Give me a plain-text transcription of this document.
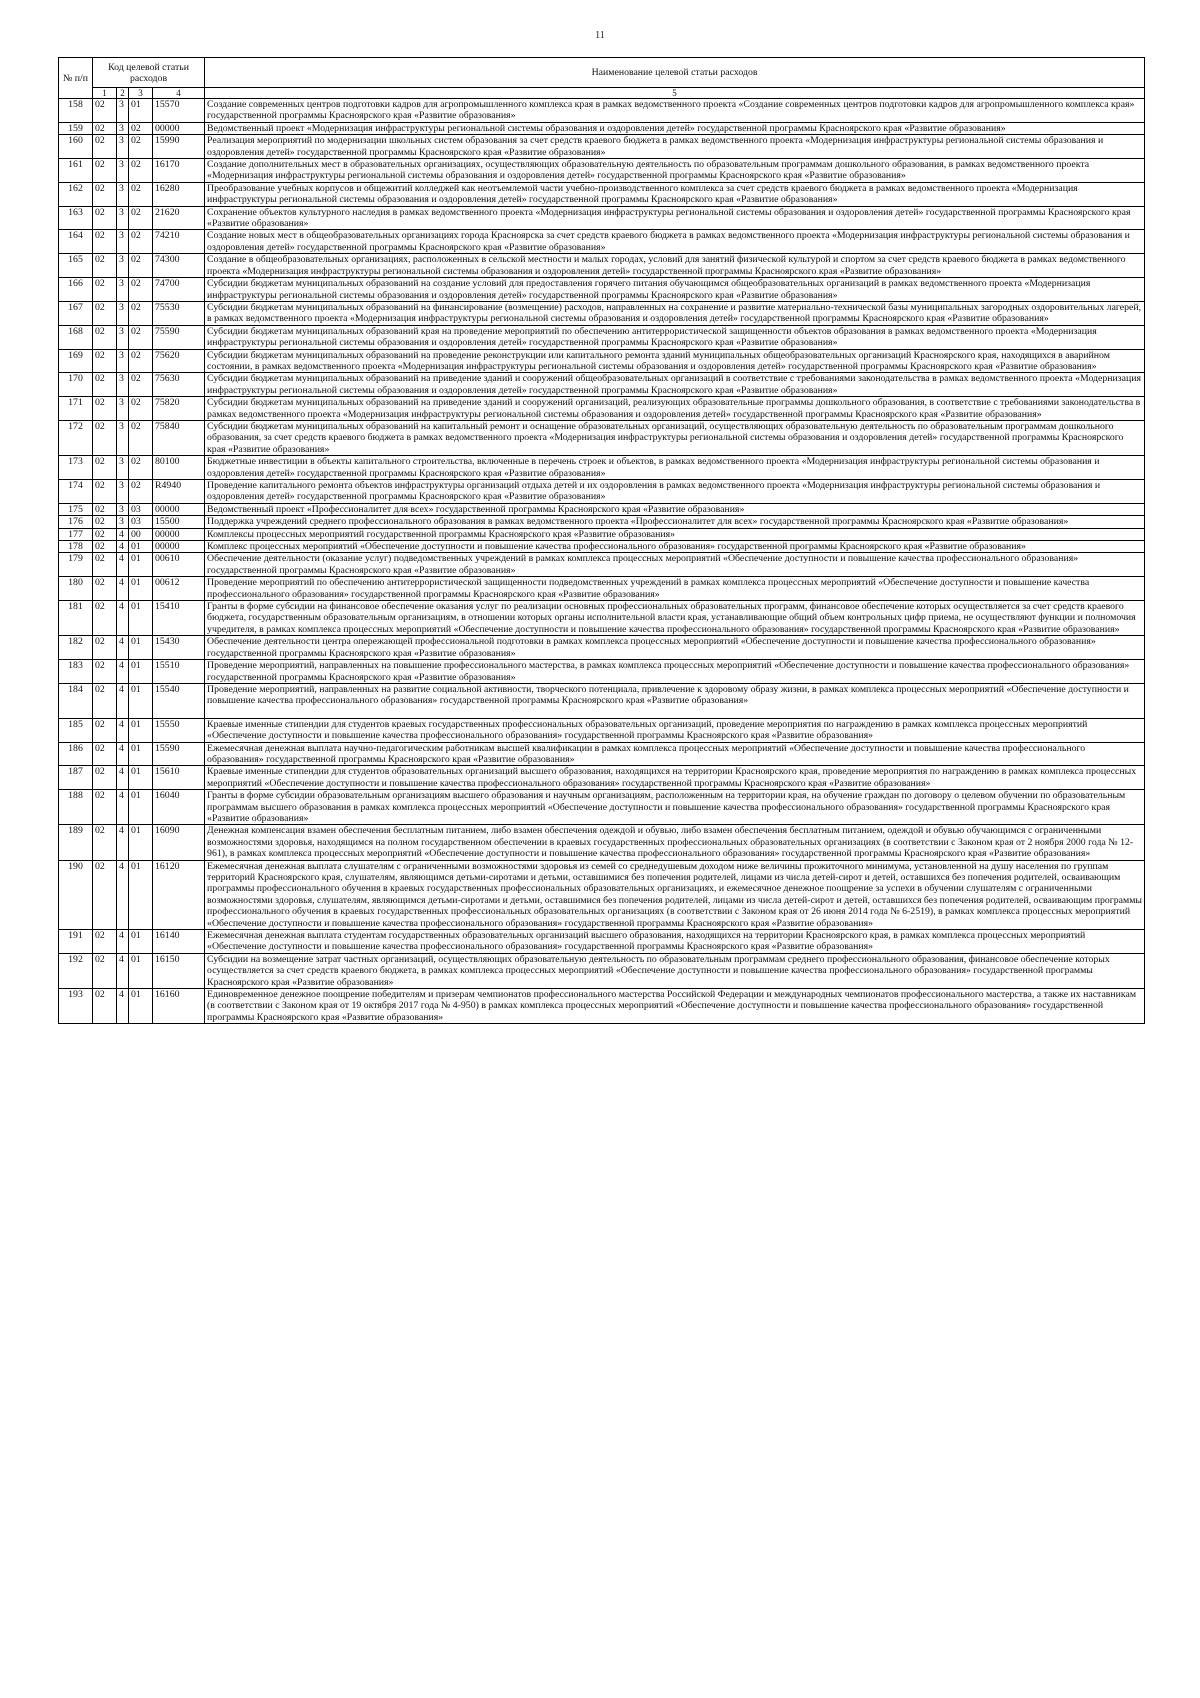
11
№ п/п	Код целевой статьи расходов				Наименование целевой статьи расходов
	1	2	3	4	5
158	02	3	01	15570	Создание современных центров подготовки кадров для агропромышленного комплекса края в рамках ведомственного проекта «Создание современных центров подготовки кадров для агропромышленного комплекса края» государственной программы Красноярского края «Развитие образования»
159	02	3	02	00000	Ведомственный проект «Модернизация инфраструктуры региональной системы образования и оздоровления детей» государственной программы Красноярского края «Развитие образования»
160	02	3	02	15990	Реализация мероприятий по модернизации школьных систем образования за счет средств краевого бюджета в рамках ведомственного проекта «Модернизация инфраструктуры региональной системы образования и оздоровления детей» государственной программы Красноярского края «Развитие образования»
161	02	3	02	16170	Создание дополнительных мест в образовательных организациях, осуществляющих образовательную деятельность по образовательным программам дошкольного образования, в рамках ведомственного проекта «Модернизация инфраструктуры региональной системы образования и оздоровления детей» государственной программы Красноярского края «Развитие образования»
162	02	3	02	16280	Преобразование учебных корпусов и общежитий колледжей как неотъемлемой части учебно-производственного комплекса за счет средств краевого бюджета в рамках ведомственного проекта «Модернизация инфраструктуры региональной системы образования и оздоровления детей» государственной программы Красноярского края «Развитие образования»
163	02	3	02	21620	Сохранение объектов культурного наследия в рамках ведомственного проекта «Модернизация инфраструктуры региональной системы образования и оздоровления детей» государственной программы Красноярского края «Развитие образования»
164	02	3	02	74210	Создание новых мест в общеобразовательных организациях города Красноярска за счет средств краевого бюджета в рамках ведомственного проекта «Модернизация инфраструктуры региональной системы образования и оздоровления детей» государственной программы Красноярского края «Развитие образования»
165	02	3	02	74300	Создание в общеобразовательных организациях, расположенных в сельской местности и малых городах, условий для занятий физической культурой и спортом за счет средств краевого бюджета в рамках ведомственного проекта «Модернизация инфраструктуры региональной системы образования и оздоровления детей» государственной программы Красноярского края «Развитие образования»
166	02	3	02	74700	Субсидии бюджетам муниципальных образований на создание условий для предоставления горячего питания обучающимся общеобразовательных организаций в рамках ведомственного проекта «Модернизация инфраструктуры региональной системы образования и оздоровления детей» государственной программы Красноярского края «Развитие образования»
167	02	3	02	75530	Субсидии бюджетам муниципальных образований на финансирование (возмещение) расходов, направленных на сохранение и развитие материально-технической базы муниципальных загородных оздоровительных лагерей, в рамках ведомственного проекта «Модернизация инфраструктуры региональной системы образования и оздоровления детей» государственной программы Красноярского края «Развитие образования»
168	02	3	02	75590	Субсидии бюджетам муниципальных образований края на проведение мероприятий по обеспечению антитеррористической защищенности объектов образования в рамках ведомственного проекта «Модернизация инфраструктуры региональной системы образования и оздоровления детей» государственной программы Красноярского края «Развитие образования»
169	02	3	02	75620	Субсидии бюджетам муниципальных образований на проведение реконструкции или капитального ремонта зданий муниципальных общеобразовательных организаций Красноярского края, находящихся в аварийном состоянии, в рамках ведомственного проекта «Модернизация инфраструктуры региональной системы образования и оздоровления детей» государственной программы Красноярского края «Развитие образования»
170	02	3	02	75630	Субсидии бюджетам муниципальных образований на приведение зданий и сооружений общеобразовательных организаций в соответствие с требованиями законодательства в рамках ведомственного проекта «Модернизация инфраструктуры региональной системы образования и оздоровления детей» государственной программы Красноярского края «Развитие образования»
171	02	3	02	75820	Субсидии бюджетам муниципальных образований на приведение зданий и сооружений организаций, реализующих образовательные программы дошкольного образования, в соответствие с требованиями законодательства в рамках ведомственного проекта «Модернизация инфраструктуры региональной системы образования и оздоровления детей» государственной программы Красноярского края «Развитие образования»
172	02	3	02	75840	Субсидии бюджетам муниципальных образований на капитальный ремонт и оснащение образовательных организаций, осуществляющих образовательную деятельность по образовательным программам дошкольного образования, за счет средств краевого бюджета в рамках ведомственного проекта «Модернизация инфраструктуры региональной системы образования и оздоровления детей» государственной программы Красноярского края «Развитие образования»
173	02	3	02	80100	Бюджетные инвестиции в объекты капитального строительства, включенные в перечень строек и объектов, в рамках ведомственного проекта «Модернизация инфраструктуры региональной системы образования и оздоровления детей» государственной программы Красноярского края «Развитие образования»
174	02	3	02	R4940	Проведение капитального ремонта объектов инфраструктуры организаций отдыха детей и их оздоровления в рамках ведомственного проекта «Модернизация инфраструктуры региональной системы образования и оздоровления детей» государственной программы Красноярского края «Развитие образования»
175	02	3	03	00000	Ведомственный проект «Профессионалитет для всех» государственной программы Красноярского края «Развитие образования»
176	02	3	03	15500	Поддержка учреждений среднего профессионального образования в рамках ведомственного проекта «Профессионалитет для всех» государственной программы Красноярского края «Развитие образования»
177	02	4	00	00000	Комплексы процессных мероприятий государственной программы Красноярского края «Развитие образования»
178	02	4	01	00000	Комплекс процессных мероприятий «Обеспечение доступности и повышение качества профессионального образования» государственной программы Красноярского края «Развитие образования»
179	02	4	01	00610	Обеспечение деятельности (оказание услуг) подведомственных учреждений в рамках комплекса процессных мероприятий «Обеспечение доступности и повышение качества профессионального образования» государственной программы Красноярского края «Развитие образования»
180	02	4	01	00612	Проведение мероприятий по обеспечению антитеррористической защищенности подведомственных учреждений в рамках комплекса процессных мероприятий «Обеспечение доступности и повышение качества профессионального образования» государственной программы Красноярского края «Развитие образования»
181	02	4	01	15410	Гранты в форме субсидии на финансовое обеспечение оказания услуг по реализации основных профессиональных образовательных программ, финансовое обеспечение которых осуществляется за счет средств краевого бюджета, государственным образовательным организациям, в отношении которых органы исполнительной власти края, устанавливающие общий объем контрольных цифр приема, не осуществляют функции и полномочия учредителя, в рамках комплекса процессных мероприятий «Обеспечение доступности и повышение качества профессионального образования» государственной программы Красноярского края «Развитие образования»
182	02	4	01	15430	Обеспечение деятельности центра опережающей профессиональной подготовки в рамках комплекса процессных мероприятий «Обеспечение доступности и повышение качества профессионального образования» государственной программы Красноярского края «Развитие образования»
183	02	4	01	15510	Проведение мероприятий, направленных на повышение профессионального мастерства, в рамках комплекса процессных мероприятий «Обеспечение доступности и повышение качества профессионального образования» государственной программы Красноярского края «Развитие образования»
184	02	4	01	15540	Проведение мероприятий, направленных на развитие социальной активности, творческого потенциала, привлечение к здоровому образу жизни, в рамках комплекса процессных мероприятий «Обеспечение доступности и повышение качества профессионального образования» государственной программы Красноярского края «Развитие образования»
185	02	4	01	15550	Краевые именные стипендии для студентов краевых государственных профессиональных образовательных организаций, проведение мероприятия по награждению в рамках комплекса процессных мероприятий «Обеспечение доступности и повышение качества профессионального образования» государственной программы Красноярского края «Развитие образования»
186	02	4	01	15590	Ежемесячная денежная выплата научно-педагогическим работникам высшей квалификации в рамках комплекса процессных мероприятий «Обеспечение доступности и повышение качества профессионального образования» государственной программы Красноярского края «Развитие образования»
187	02	4	01	15610	Краевые именные стипендии для студентов образовательных организаций высшего образования, находящихся на территории Красноярского края, проведение мероприятия по награждению в рамках комплекса процессных мероприятий «Обеспечение доступности и повышение качества профессионального образования» государственной программы Красноярского края «Развитие образования»
188	02	4	01	16040	Гранты в форме субсидии образовательным организациям высшего образования и научным организациям, расположенным на территории края, на обучение граждан по договору о целевом обучении по образовательным программам высшего образования в рамках комплекса процессных мероприятий «Обеспечение доступности и повышение качества профессионального образования» государственной программы Красноярского края «Развитие образования»
189	02	4	01	16090	Денежная компенсация взамен обеспечения бесплатным питанием, либо взамен обеспечения одеждой и обувью, либо взамен обеспечения бесплатным питанием, одеждой и обувью обучающимся с ограниченными возможностями здоровья, находящимся на полном государственном обеспечении в краевых государственных профессиональных образовательных организациях (в соответствии с Законом края от 2 ноября 2000 года № 12-961), в рамках комплекса процессных мероприятий «Обеспечение доступности и повышение качества профессионального образования» государственной программы Красноярского края «Развитие образования»
190	02	4	01	16120	Ежемесячная денежная выплата слушателям с ограниченными возможностями здоровья из семей со среднедушевым доходом ниже величины прожиточного минимума, установленной на душу населения по группам территорий Красноярского края, слушателям, являющимся детьми-сиротами и детьми, оставшимися без попечения родителей, лицами из числа детей-сирот и детей, оставшихся без попечения родителей, осваивающим программы профессионального обучения в краевых государственных профессиональных образовательных организациях, и ежемесячное денежное поощрение за успехи в обучении слушателям с ограниченными возможностями здоровья, слушателям, являющимся детьми-сиротами и детьми, оставшимися без попечения родителей, лицами из числа детей-сирот и детей, оставшихся без попечения родителей, осваивающим программы профессионального обучения в краевых государственных профессиональных образовательных организациях (в соответствии с Законом края от 26 июня 2014 года № 6-2519), в рамках комплекса процессных мероприятий «Обеспечение доступности и повышение качества профессионального образования» государственной программы Красноярского края «Развитие образования»
191	02	4	01	16140	Ежемесячная денежная выплата студентам государственных образовательных организаций высшего образования, находящихся на территории Красноярского края, в рамках комплекса процессных мероприятий «Обеспечение доступности и повышение качества профессионального образования» государственной программы Красноярского края «Развитие образования»
192	02	4	01	16150	Субсидии на возмещение затрат частных организаций, осуществляющих образовательную деятельность по образовательным программам среднего профессионального образования, финансовое обеспечение которых осуществляется за счет средств краевого бюджета, в рамках комплекса процессных мероприятий «Обеспечение доступности и повышение качества профессионального образования» государственной программы Красноярского края «Развитие образования»
193	02	4	01	16160	Единовременное денежное поощрение победителям и призерам чемпионатов профессионального мастерства Российской Федерации и международных чемпионатов профессионального мастерства, а также их наставникам (в соответствии с Законом края от 19 октября 2017 года № 4-950) в рамках комплекса процессных мероприятий «Обеспечение доступности и повышение качества профессионального образования» государственной программы Красноярского края «Развитие образования»
